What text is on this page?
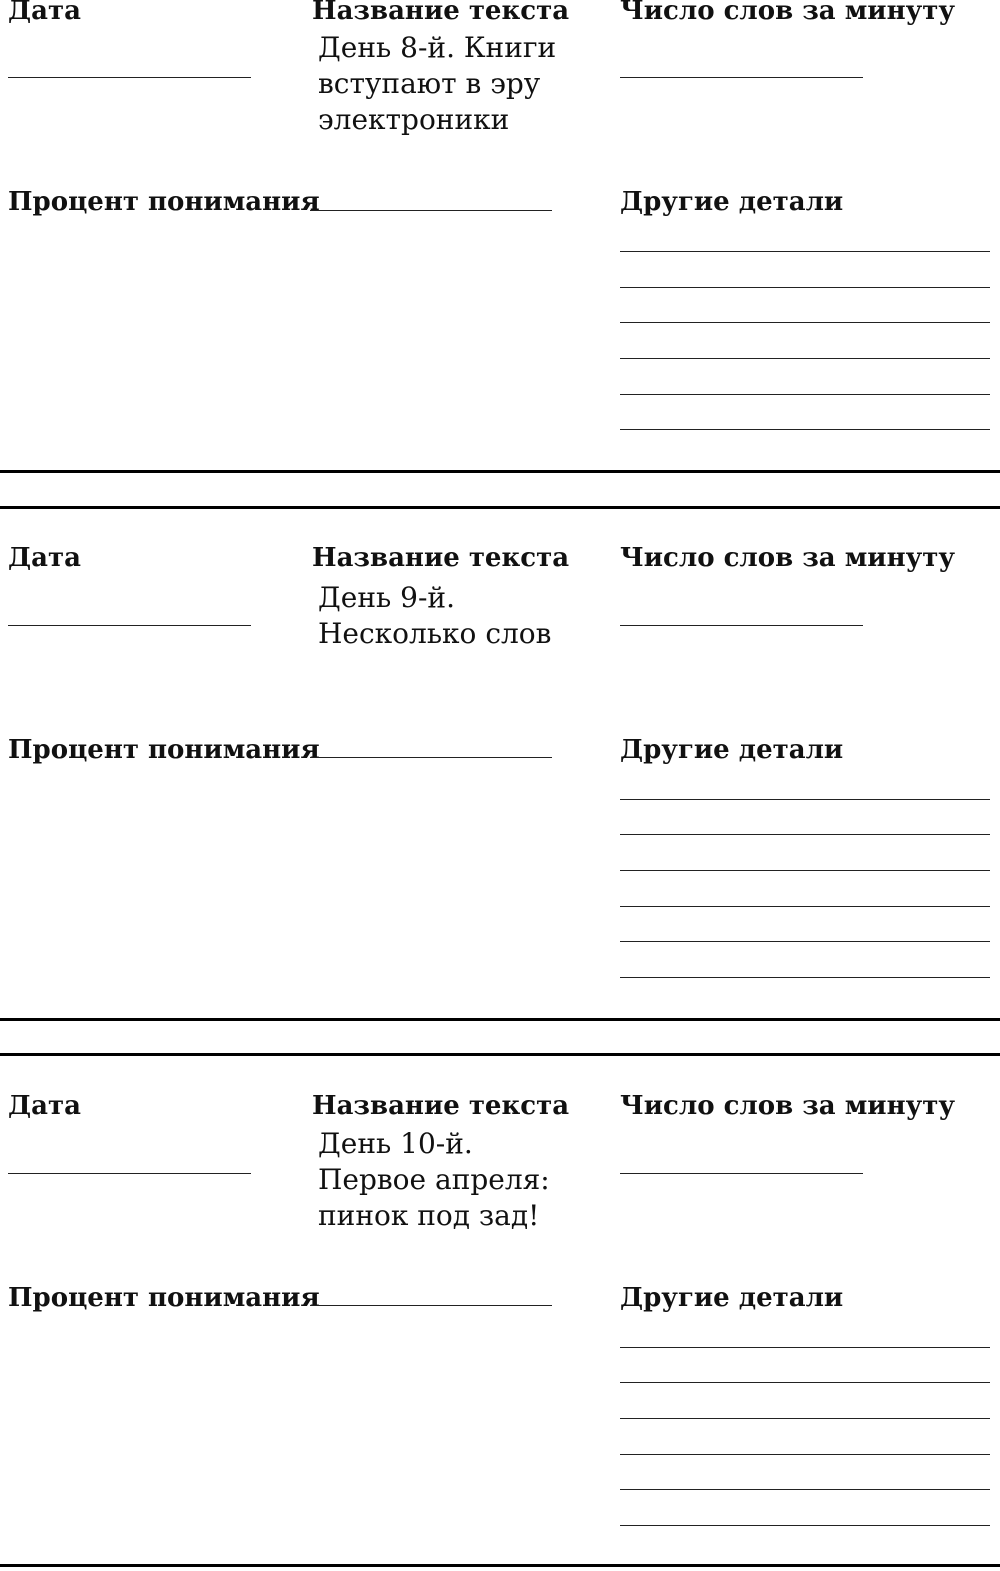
Дата	Название текста
День 8-й. Книги
вступают в эру
электроники
Число слов за минуту
Процент понимания	Другие детали
Дата	Название текста
День 9-й.
Несколько слов
Число слов за минуту
Процент понимания	Другие детали
Дата	Название текста
День 10-й.
Первое апреля:
пинок под зад!
Число слов за минуту
Процент понимания	Другие детали
